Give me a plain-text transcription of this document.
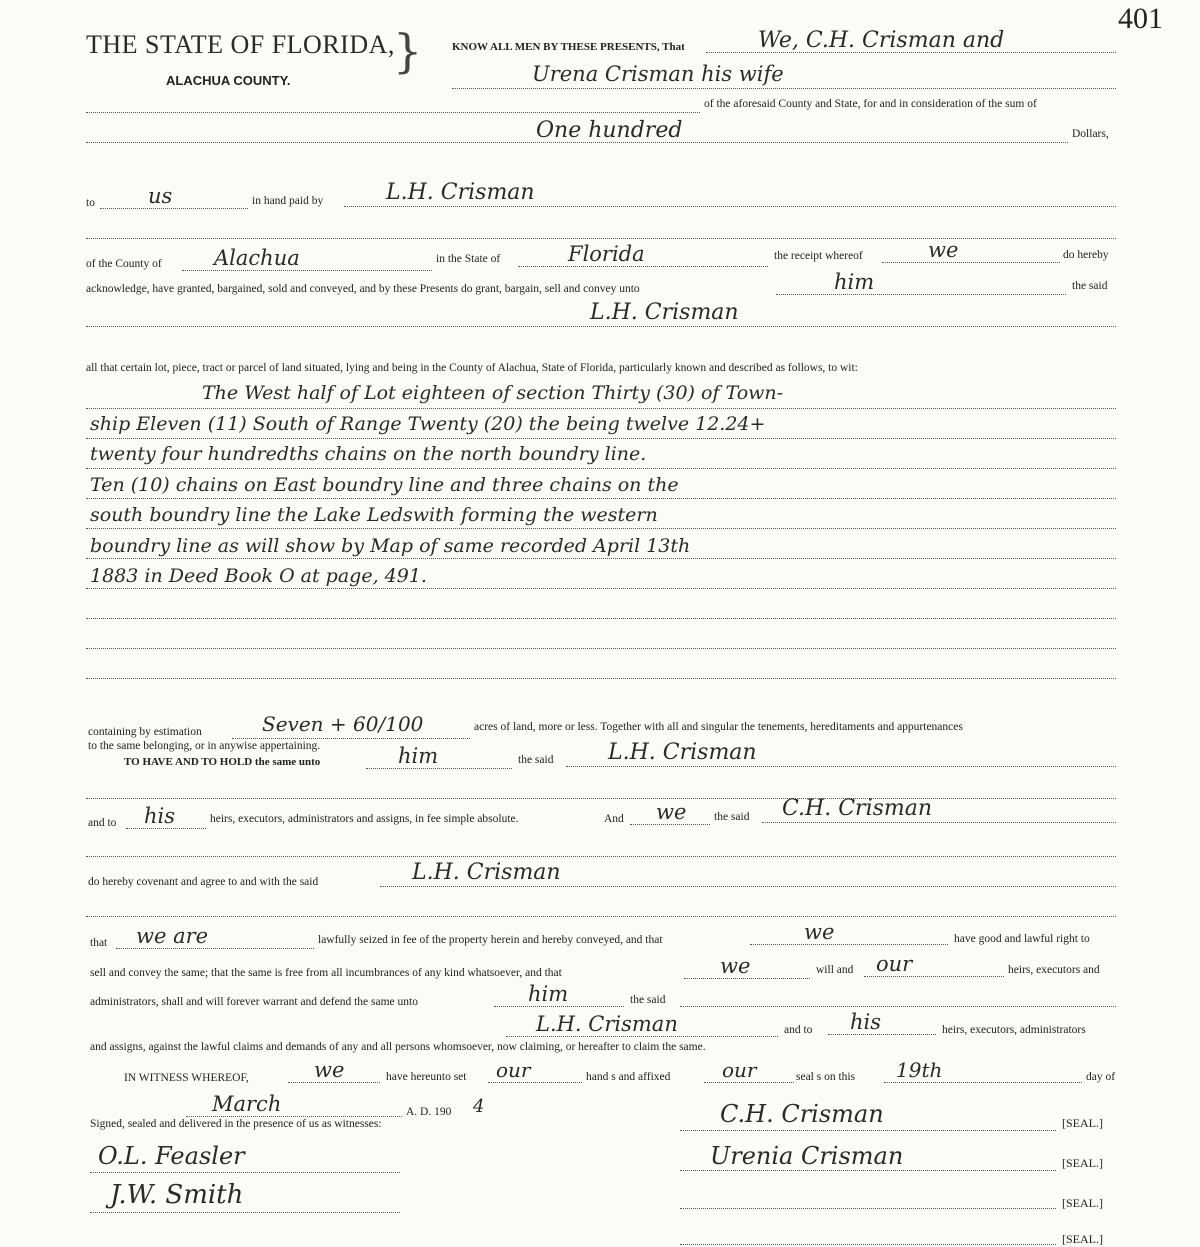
401
THE STATE OF FLORIDA,
}
ALACHUA COUNTY.
KNOW ALL MEN BY THESE PRESENTS, That	We, C.H. Crisman and
Urena Crisman his wife
of the aforesaid County and State, for and in consideration of the sum of
One hundred	Dollars,
to	us	in hand paid by	L.H. Crisman
of the County of Alachua	in the State of	Florida	the receipt whereof	we	do hereby
acknowledge, have granted, bargained, sold and conveyed, and by these Presents do grant, bargain, sell and convey unto	him	the said
L.H. Crisman
all that certain lot, piece, tract or parcel of land situated, lying and being in the County of Alachua, State of Florida, particularly known and described as follows, to wit:
The West half of Lot eighteen of section Thirty (30) of Town-
ship Eleven (11) South of Range Twenty (20) the being twelve 12.24+
twenty four hundredths chains on the north boundry line.
Ten (10) chains on East boundry line and three chains on the
south boundry line the Lake Ledswith forming the western
boundry line as will show by Map of same recorded April 13th
1883 in Deed Book O at page, 491.
containing by estimation	Seven + 60/100	acres of land, more or less. Together with all and singular the tenements, hereditaments and appurtenances
to the same belonging, or in anywise appertaining.
TO HAVE AND TO HOLD the same unto	him	the said L.H. Crisman
and to his	heirs, executors, administrators and assigns, in fee simple absolute.	And we the said C.H. Crisman
do hereby covenant and agree to and with the said	L.H. Crisman
that we are	lawfully seized in fee of the property herein and hereby conveyed, and that	we	have good and lawful right to
sell and convey the same; that the same is free from all incumbrances of any kind whatsoever, and that	we	will and our	heirs, executors and
administrators, shall and will forever warrant and defend the same unto	him	the said
L.H. Crisman	and to his	heirs, executors, administrators
and assigns, against the lawful claims and demands of any and all persons whomsoever, now claiming, or hereafter to claim the same.
IN WITNESS WHEREOF,	we	have hereunto set our	hand s and affixed	our	seal s on this 19th	day of
March	A. D. 190 4
Signed, sealed and delivered in the presence of us as witnesses:
O.L. Feasler
J.W. Smith
C.H. Crisman	[SEAL.]
Urenia Crisman	[SEAL.]
[SEAL.]
[SEAL.]
